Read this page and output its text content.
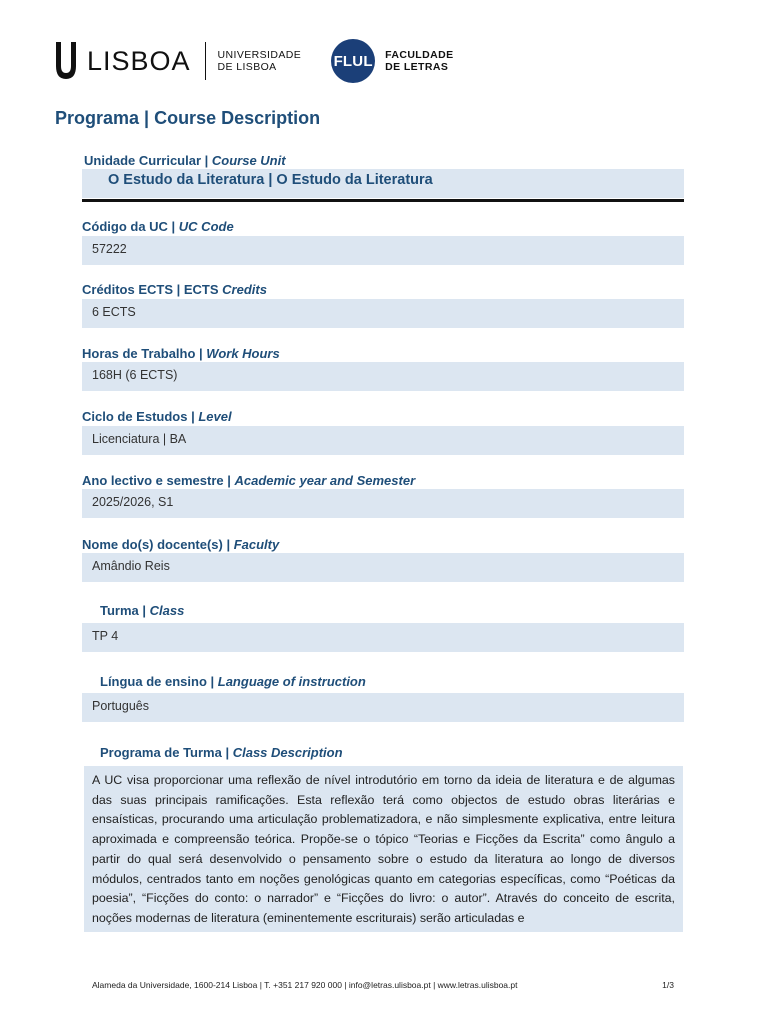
LISBOA	UNIVERSIDADE
DE LISBOA	FLUL FACULDADE
DE LETRAS
Programa | Course Description
Unidade Curricular | Course Unit
O Estudo da Literatura | O Estudo da Literatura
Código da UC | UC Code
57222
Créditos ECTS | ECTS Credits
6 ECTS
Horas de Trabalho | Work Hours
168H (6 ECTS)
Ciclo de Estudos | Level
Licenciatura | BA
Ano lectivo e semestre | Academic year and Semester
2025/2026, S1
Nome do(s) docente(s) | Faculty
Amândio Reis
Turma | Class
TP 4
Língua de ensino | Language of instruction
Português
Programa de Turma | Class Description
A UC visa proporcionar uma reflexão de nível introdutório em torno da ideia de literatura e de algumas das suas principais ramificações. Esta reflexão terá como objectos de estudo obras literárias e ensaísticas, procurando uma articulação problematizadora, e não simplesmente explicativa, entre leitura aproximada e compreensão teórica. Propõe-se o tópico “Teorias e Ficções da Escrita” como ângulo a partir do qual será desenvolvido o pensamento sobre o estudo da literatura ao longo de diversos módulos, centrados tanto em noções genológicas quanto em categorias específicas, como “Poéticas da poesia”, “Ficções do conto: o narrador” e “Ficções do livro: o autor”. Através do conceito de escrita, noções modernas de literatura (eminentemente escriturais) serão articuladas e
Alameda da Universidade, 1600-214 Lisboa | T. +351 217 920 000 | info@letras.ulisboa.pt | www.letras.ulisboa.pt	1/3
